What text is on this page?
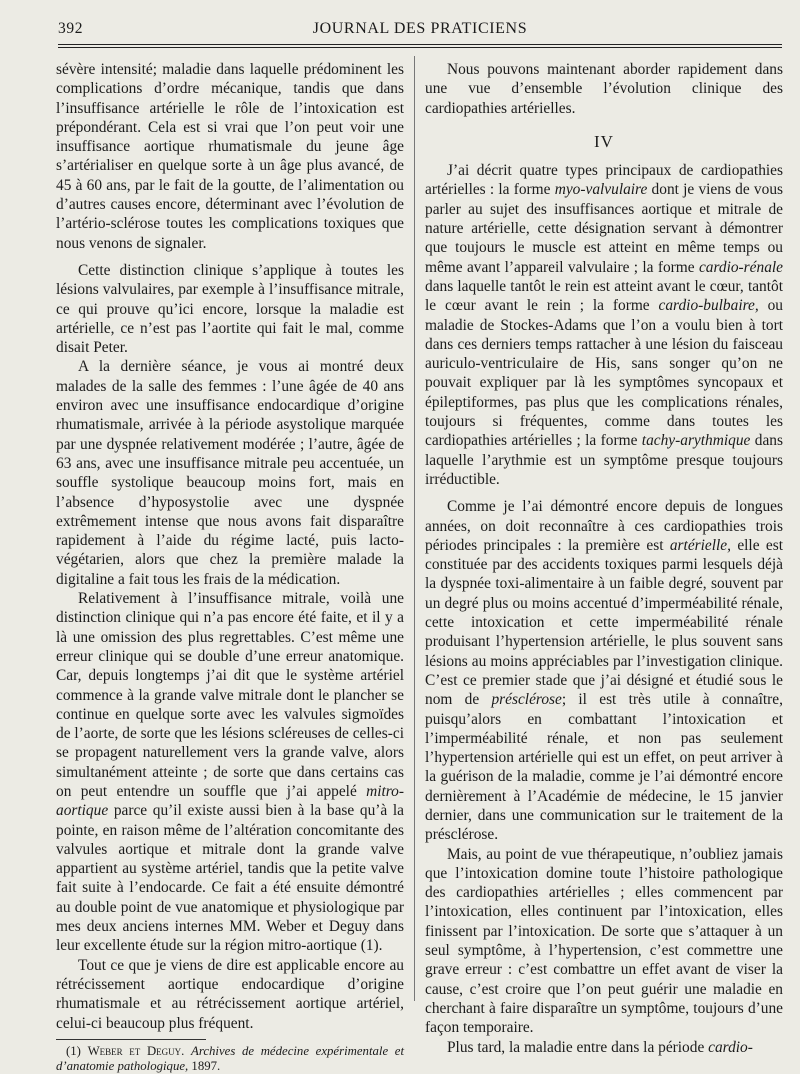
392	JOURNAL DES PRATICIENS

sévère intensité; maladie dans laquelle prédominent les complications d’ordre mécanique, tandis que dans l’insuffisance artérielle le rôle de l’intoxication est prépondérant. Cela est si vrai que l’on peut voir une insuffisance aortique rhumatismale du jeune âge s’artérialiser en quelque sorte à un âge plus avancé, de 45 à 60 ans, par le fait de la goutte, de l’alimentation ou d’autres causes encore, déterminant avec l’évolution de l’artério-sclérose toutes les complications toxiques que nous venons de signaler.

Cette distinction clinique s’applique à toutes les lésions valvulaires, par exemple à l’insuffisance mitrale, ce qui prouve qu’ici encore, lorsque la maladie est artérielle, ce n’est pas l’aortite qui fait le mal, comme disait Peter.

A la dernière séance, je vous ai montré deux malades de la salle des femmes : l’une âgée de 40 ans environ avec une insuffisance endocardique d’origine rhumatismale, arrivée à la période asystolique marquée par une dyspnée relativement modérée ; l’autre, âgée de 63 ans, avec une insuffisance mitrale peu accentuée, un souffle systolique beaucoup moins fort, mais en l’absence d’hyposystolie avec une dyspnée extrêmement intense que nous avons fait disparaître rapidement à l’aide du régime lacté, puis lacto-végétarien, alors que chez la première malade la digitaline a fait tous les frais de la médication.

Relativement à l’insuffisance mitrale, voilà une distinction clinique qui n’a pas encore été faite, et il y a là une omission des plus regrettables. C’est même une erreur clinique qui se double d’une erreur anatomique. Car, depuis longtemps j’ai dit que le système artériel commence à la grande valve mitrale dont le plancher se continue en quelque sorte avec les valvules sigmoïdes de l’aorte, de sorte que les lésions scléreuses de celles-ci se propagent naturellement vers la grande valve, alors simultanément atteinte ; de sorte que dans certains cas on peut entendre un souffle que j’ai appelé mitro-aortique parce qu’il existe aussi bien à la base qu’à la pointe, en raison même de l’altération concomitante des valvules aortique et mitrale dont la grande valve appartient au système artériel, tandis que la petite valve fait suite à l’endocarde. Ce fait a été ensuite démontré au double point de vue anatomique et physiologique par mes deux anciens internes MM. Weber et Deguy dans leur excellente étude sur la région mitro-aortique (1).

Tout ce que je viens de dire est applicable encore au rétrécissement aortique endocardique d’origine rhumatismale et au rétrécissement aortique artériel, celui-ci beaucoup plus fréquent.

(1) Weber et Deguy. Archives de médecine expérimentale et d’anatomie pathologique, 1897.

Nous pouvons maintenant aborder rapidement dans une vue d’ensemble l’évolution clinique des cardiopathies artérielles.

IV

J’ai décrit quatre types principaux de cardiopathies artérielles : la forme myo-valvulaire dont je viens de vous parler au sujet des insuffisances aortique et mitrale de nature artérielle, cette désignation servant à démontrer que toujours le muscle est atteint en même temps ou même avant l’appareil valvulaire ; la forme cardio-rénale dans laquelle tantôt le rein est atteint avant le cœur, tantôt le cœur avant le rein ; la forme cardio-bulbaire, ou maladie de Stockes-Adams que l’on a voulu bien à tort dans ces derniers temps rattacher à une lésion du faisceau auriculo-ventriculaire de His, sans songer qu’on ne pouvait expliquer par là les symptômes syncopaux et épileptiformes, pas plus que les complications rénales, toujours si fréquentes, comme dans toutes les cardiopathies artérielles ; la forme tachy-arythmique dans laquelle l’arythmie est un symptôme presque toujours irréductible.

Comme je l’ai démontré encore depuis de longues années, on doit reconnaître à ces cardiopathies trois périodes principales : la première est artérielle, elle est constituée par des accidents toxiques parmi lesquels déjà la dyspnée toxi-alimentaire à un faible degré, souvent par un degré plus ou moins accentué d’imperméabilité rénale, cette intoxication et cette imperméabilité rénale produisant l’hypertension artérielle, le plus souvent sans lésions au moins appréciables par l’investigation clinique. C’est ce premier stade que j’ai désigné et étudié sous le nom de présclérose; il est très utile à connaître, puisqu’alors en combattant l’intoxication et l’imperméabilité rénale, et non pas seulement l’hypertension artérielle qui est un effet, on peut arriver à la guérison de la maladie, comme je l’ai démontré encore dernièrement à l’Académie de médecine, le 15 janvier dernier, dans une communication sur le traitement de la présclérose.

Mais, au point de vue thérapeutique, n’oubliez jamais que l’intoxication domine toute l’histoire pathologique des cardiopathies artérielles ; elles commencent par l’intoxication, elles continuent par l’intoxication, elles finissent par l’intoxication. De sorte que s’attaquer à un seul symptôme, à l’hypertension, c’est commettre une grave erreur : c’est combattre un effet avant de viser la cause, c’est croire que l’on peut guérir une maladie en cherchant à faire disparaître un symptôme, toujours d’une façon temporaire.

Plus tard, la maladie entre dans la période cardio-
